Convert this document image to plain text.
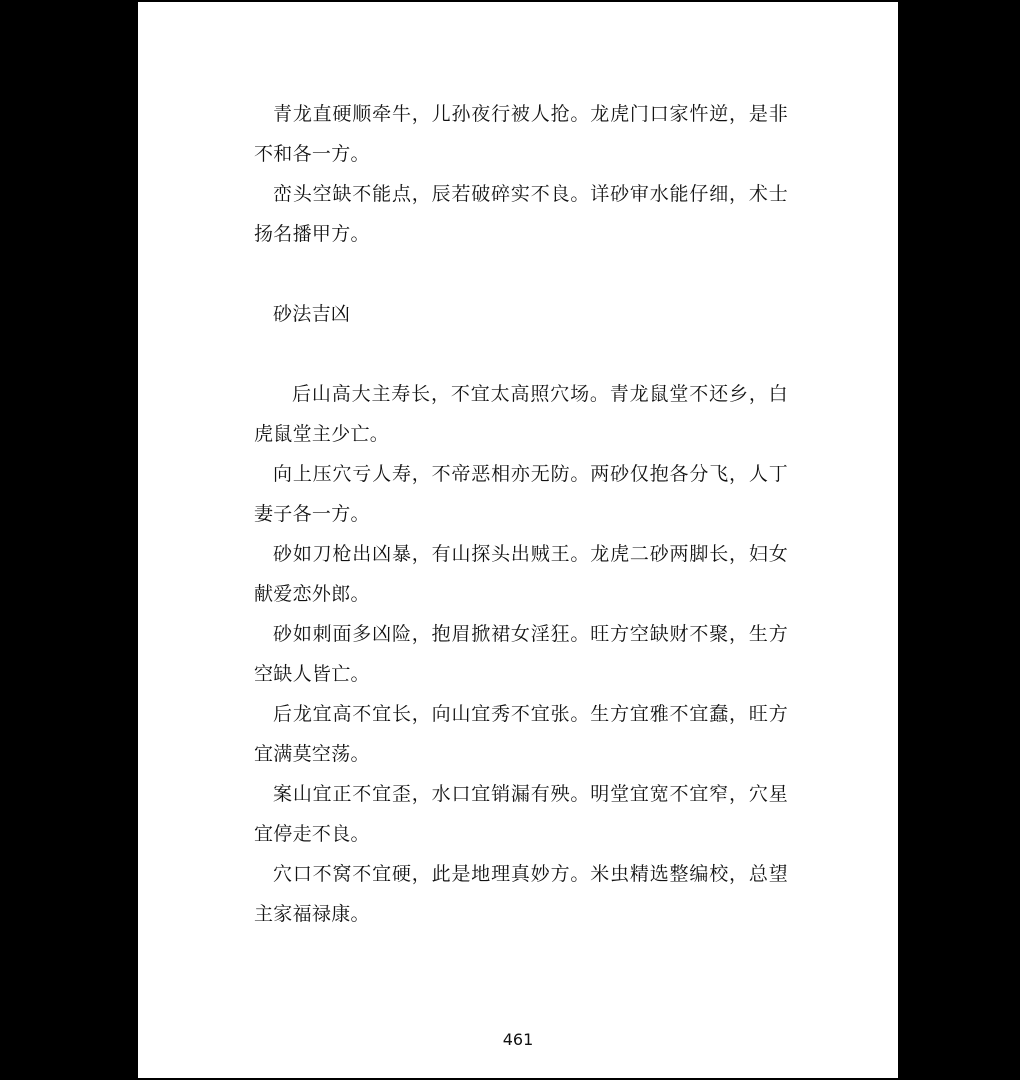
青龙直硬顺牵牛，儿孙夜行被人抢。龙虎门口家忤逆，是非不和各一方。

峦头空缺不能点，辰若破碎实不良。详砂审水能仔细，术士扬名播甲方。

砂法吉凶

后山高大主寿长，不宜太高照穴场。青龙鼠堂不还乡，白虎鼠堂主少亡。

向上压穴亏人寿，不帝恶相亦无防。两砂仅抱各分飞，人丁妻子各一方。

砂如刀枪出凶暴，有山探头出贼王。龙虎二砂两脚长，妇女献爱恋外郎。

砂如刺面多凶险，抱眉掀裙女淫狂。旺方空缺财不聚，生方空缺人皆亡。

后龙宜高不宜长，向山宜秀不宜张。生方宜雅不宜蠢，旺方宜满莫空荡。

案山宜正不宜歪，水口宜销漏有殃。明堂宜宽不宜窄，穴星宜停走不良。

穴口不窝不宜硬，此是地理真妙方。米虫精选整编校，总望主家福禄康。

461
